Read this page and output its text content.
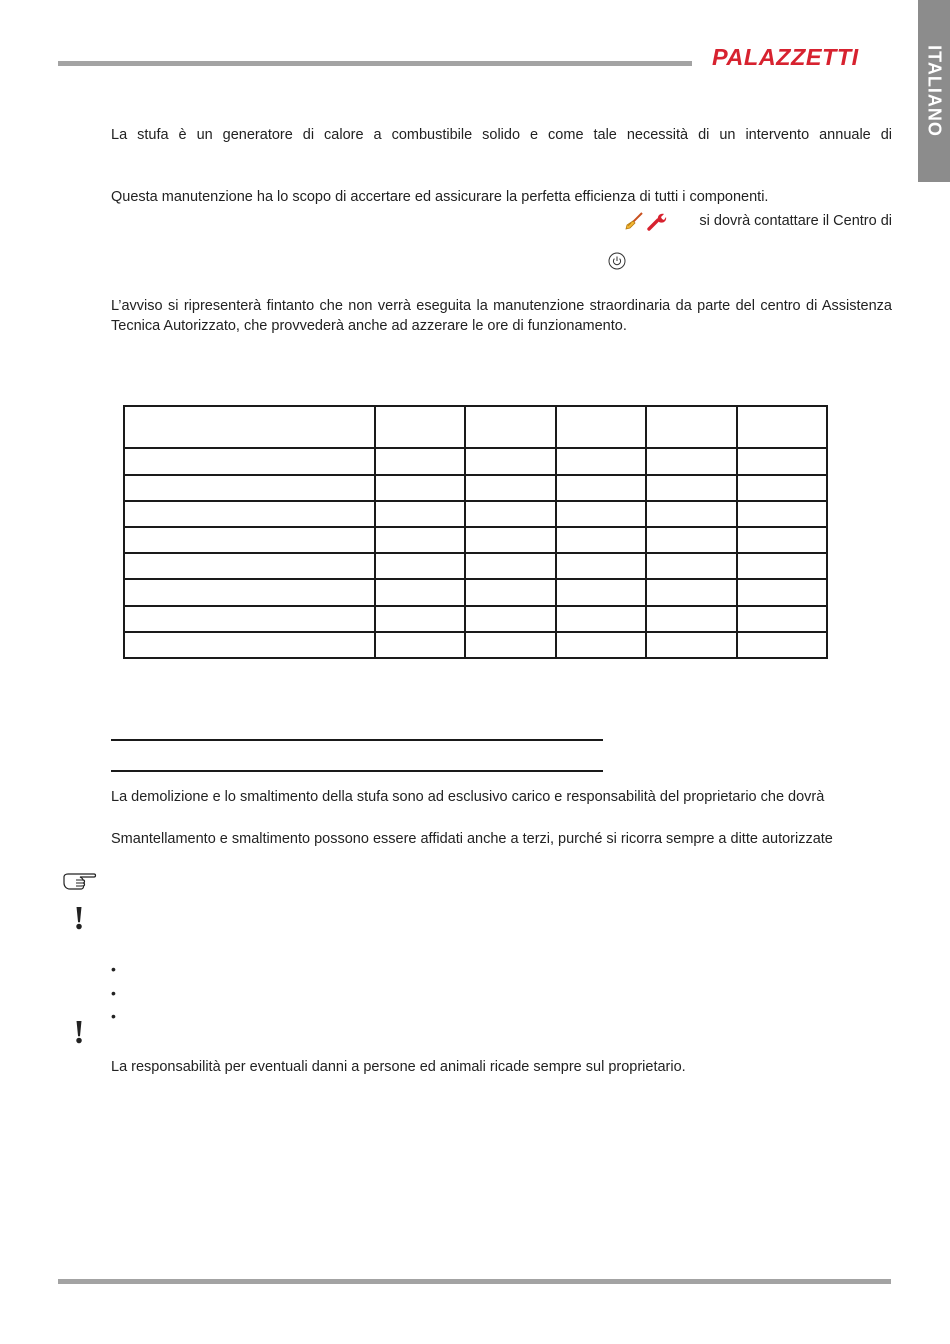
PALAZZETTI	ITALIANO
La stufa è un generatore di calore a combustibile solido e come tale necessità di un intervento annuale di
Questa manutenzione ha lo scopo di accertare ed assicurare la perfetta efficienza di tutti i componenti.
si dovrà contattare il Centro di
L’avviso si ripresenterà fintanto che non verrà eseguita la manutenzione straordinaria da parte del centro di Assistenza Tecnica Autorizzato, che provvederà anche ad azzerare le ore di funzionamento.

La demolizione e lo smaltimento della stufa sono ad esclusivo carico e responsabilità del proprietario che dovrà
Smantellamento e smaltimento possono essere affidati anche a terzi, purché si ricorra sempre a ditte autorizzate
!
•
•
•
!
La responsabilità per eventuali danni a persone ed animali ricade sempre sul proprietario.
